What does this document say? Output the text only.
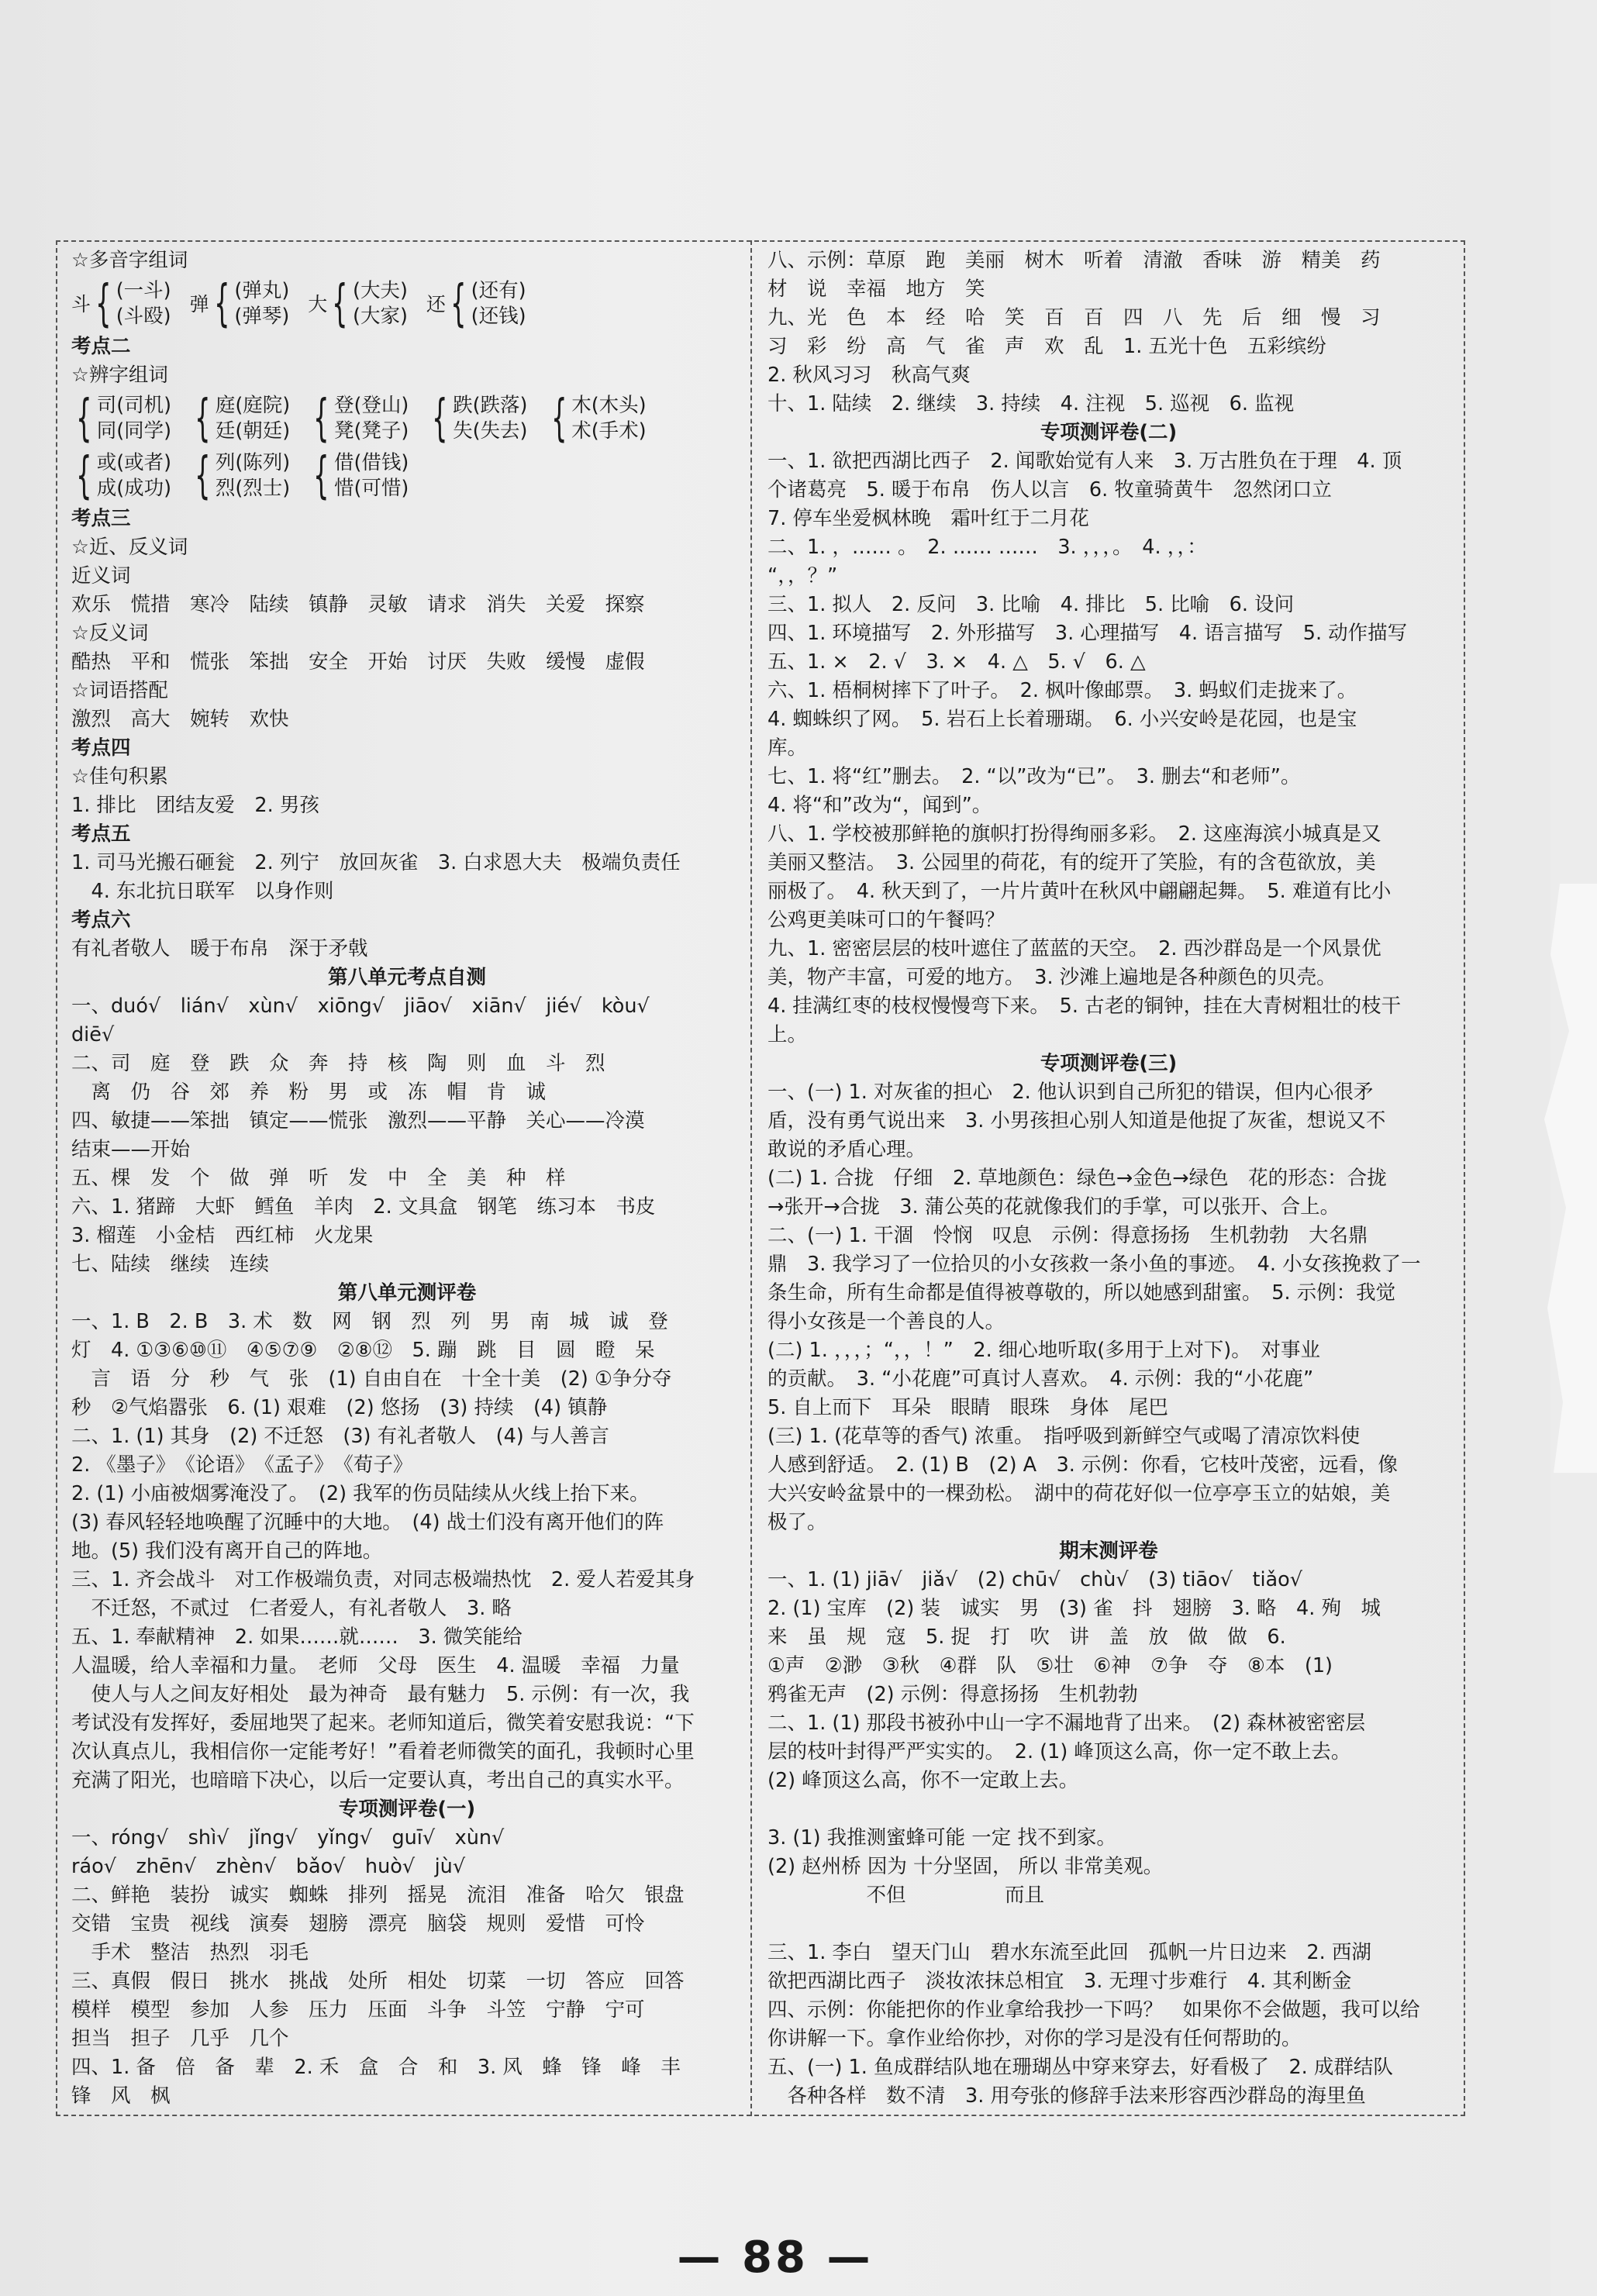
☆多音字组词
斗 { (一斗)
(斗殴)
弹 { (弹丸)
(弹琴)
大 { (大夫)
(大家)
还 { (还有)
(还钱)
考点二
☆辨字组词
{ 司(司机)
同(同学) { 庭(庭院)
廷(朝廷) { 登(登山)
凳(凳子) { 跌(跌落)
失(失去) { 木(木头)
术(手术)
{ 或(或者)
成(成功) { 列(陈列)
烈(烈士) { 借(借钱)
惜(可惜)
考点三
☆近、反义词
近义词
欢乐　慌措　寒冷　陆续　镇静　灵敏　请求　消失　关爱　探察
☆反义词
酷热　平和　慌张　笨拙　安全　开始　讨厌　失败　缓慢　虚假
☆词语搭配
激烈　高大　婉转　欢快
考点四
☆佳句积累
1. 排比　团结友爱　2. 男孩
考点五
1. 司马光搬石砸瓮　2. 列宁　放回灰雀　3. 白求恩大夫　极端负责任
　4. 东北抗日联军　以身作则
考点六
有礼者敬人　暖于布帛　深于矛戟
第八单元考点自测
一、duó√　lián√　xùn√　xiōng√　jiāo√　xiān√　jié√　kòu√
diē√
二、司　庭　登　跌　众　奔　持　核　陶　则　血　斗　烈
　离　仍　谷　郊　养　粉　男　或　冻　帽　肯　诚
四、敏捷——笨拙　镇定——慌张　激烈——平静　关心——冷漠
结束——开始
五、棵　发　个　做　弹　听　发　中　全　美　种　样
六、1. 猪蹄　大虾　鳕鱼　羊肉　2. 文具盒　钢笔　练习本　书皮
3. 榴莲　小金桔　西红柿　火龙果
七、陆续　继续　连续
第八单元测评卷
一、1. B　2. B　3. 术　数　网　钢　烈　列　男　南　城　诚　登
灯　4. ①③⑥⑩⑪　④⑤⑦⑨　②⑧⑫　5. 蹦　跳　目　圆　瞪　呆
　言　语　分　秒　气　张　(1) 自由自在　十全十美　(2) ①争分夺
秒　②气焰嚣张　6. (1) 艰难　(2) 悠扬　(3) 持续　(4) 镇静
二、1. (1) 其身　(2) 不迁怒　(3) 有礼者敬人　(4) 与人善言
2. 《墨子》　《论语》　《孟子》　《荀子》
2. (1) 小庙被烟雾淹没了。　(2) 我军的伤员陆续从火线上抬下来。
(3) 春风轻轻地唤醒了沉睡中的大地。　(4) 战士们没有离开他们的阵
地。(5) 我们没有离开自己的阵地。
三、1. 齐会战斗　对工作极端负责，对同志极端热忱　2. 爱人若爱其身
　不迁怒，不贰过　仁者爱人，有礼者敬人　3. 略
五、1. 奉献精神　2. 如果……就……　3. 微笑能给
人温暖，给人幸福和力量。　老师　父母　医生　4. 温暖　幸福　力量
　使人与人之间友好相处　最为神奇　最有魅力　5. 示例：有一次，我
考试没有发挥好，委屈地哭了起来。老师知道后，微笑着安慰我说：“下
次认真点儿，我相信你一定能考好！”看着老师微笑的面孔，我顿时心里
充满了阳光，也暗暗下决心，以后一定要认真，考出自己的真实水平。
专项测评卷(一)
一、róng√　shì√　jǐng√　yǐng√　guī√　xùn√
ráo√　zhēn√　zhèn√　bǎo√　huò√　jù√
二、鲜艳　装扮　诚实　蜘蛛　排列　摇晃　流泪　准备　哈欠　银盘
交错　宝贵　视线　演奏　翅膀　漂亮　脑袋　规则　爱惜　可怜
　手术　整洁　热烈　羽毛
三、真假　假日　挑水　挑战　处所　相处　切菜　一切　答应　回答
模样　模型　参加　人参　压力　压面　斗争　斗笠　宁静　宁可
担当　担子　几乎　几个
四、1. 备　倍　备　辈　2. 禾　盒　合　和　3. 风　蜂　锋　峰　丰
锋　风　枫
八、示例：草原　跑　美丽　树木　听着　清澈　香味　游　精美　药
材　说　幸福　地方　笑
九、光　色　本　经　哈　笑　百　百　四　八　先　后　细　慢　习
习　彩　纷　高　气　雀　声　欢　乱　1. 五光十色　五彩缤纷
2. 秋风习习　秋高气爽
十、1. 陆续　2. 继续　3. 持续　4. 注视　5. 巡视　6. 监视
专项测评卷(二)
一、1. 欲把西湖比西子　2. 闻歌始觉有人来　3. 万古胜负在于理　4. 顶
个诸葛亮　5. 暖于布帛　伤人以言　6. 牧童骑黄牛　忽然闭口立
7. 停车坐爱枫林晚　霜叶红于二月花
二、1. ，…… 。　2. …… ……　3. ，，，。　4. ，，：
“，，？”
三、1. 拟人　2. 反问　3. 比喻　4. 排比　5. 比喻　6. 设问
四、1. 环境描写　2. 外形描写　3. 心理描写　4. 语言描写　5. 动作描写
五、1. ×　2. √　3. ×　4. △　5. √　6. △
六、1. 梧桐树摔下了叶子。　2. 枫叶像邮票。　3. 蚂蚁们走拢来了。
4. 蜘蛛织了网。　5. 岩石上长着珊瑚。　6. 小兴安岭是花园，也是宝
库。
七、1. 将“红”删去。　2. “以”改为“已”。　3. 删去“和老师”。
4. 将“和”改为“，闻到”。
八、1. 学校被那鲜艳的旗帜打扮得绚丽多彩。　2. 这座海滨小城真是又
美丽又整洁。　3. 公园里的荷花，有的绽开了笑脸，有的含苞欲放，美
丽极了。　4. 秋天到了，一片片黄叶在秋风中翩翩起舞。　5. 难道有比小
公鸡更美味可口的午餐吗？
九、1. 密密层层的枝叶遮住了蓝蓝的天空。　2. 西沙群岛是一个风景优
美，物产丰富，可爱的地方。　3. 沙滩上遍地是各种颜色的贝壳。
4. 挂满红枣的枝杈慢慢弯下来。　5. 古老的铜钟，挂在大青树粗壮的枝干
上。
专项测评卷(三)
一、(一) 1. 对灰雀的担心　2. 他认识到自己所犯的错误，但内心很矛
盾，没有勇气说出来　3. 小男孩担心别人知道是他捉了灰雀，想说又不
敢说的矛盾心理。
(二) 1. 合拢　仔细　2. 草地颜色：绿色→金色→绿色　花的形态：合拢
→张开→合拢　3. 蒲公英的花就像我们的手掌，可以张开、合上。
二、(一) 1. 干涸　怜悯　叹息　示例：得意扬扬　生机勃勃　大名鼎
鼎　3. 我学习了一位拾贝的小女孩救一条小鱼的事迹。　4. 小女孩挽救了一
条生命，所有生命都是值得被尊敬的，所以她感到甜蜜。　5. 示例：我觉
得小女孩是一个善良的人。
(二) 1. ，，，；“，，！”　2. 细心地听取(多用于上对下)。　对事业
的贡献。　3. “小花鹿”可真讨人喜欢。　4. 示例：我的“小花鹿”
5. 自上而下　耳朵　眼睛　眼珠　身体　尾巴
(三) 1. (花草等的香气) 浓重。　指呼吸到新鲜空气或喝了清凉饮料使
人感到舒适。　2. (1) B　(2) A　3. 示例：你看，它枝叶茂密，远看，像
大兴安岭盆景中的一棵劲松。　湖中的荷花好似一位亭亭玉立的姑娘，美
极了。
期末测评卷
一、1. (1) jiā√　jiǎ√　(2) chū√　chù√　(3) tiāo√　tiǎo√
2. (1) 宝库　(2) 装　诚实　男　(3) 雀　抖　翅膀　3. 略　4. 殉　城
来　虽　规　寇　5. 捉　打　吹　讲　盖　放　做　做　6.
①声　②渺　③秋　④群　队　⑤壮　⑥神　⑦争　夺　⑧本　(1)
鸦雀无声　(2) 示例：得意扬扬　生机勃勃
二、1. (1) 那段书被孙中山一字不漏地背了出来。　(2) 森林被密密层
层的枝叶封得严严实实的。　2. (1) 峰顶这么高，你一定不敢上去。
(2) 峰顶这么高，你不一定敢上去。
3. (1) 我推测蜜蜂可能 一定 找不到家。
(2) 赵州桥 因为 十分坚固， 所以 非常美观。
　　　　　不但　　　　　而且
三、1. 李白　望天门山　碧水东流至此回　孤帆一片日边来　2. 西湖
欲把西湖比西子　淡妆浓抹总相宜　3. 无理寸步难行　4. 其利断金
四、示例：你能把你的作业拿给我抄一下吗？　如果你不会做题，我可以给
你讲解一下。拿作业给你抄，对你的学习是没有任何帮助的。
五、(一) 1. 鱼成群结队地在珊瑚丛中穿来穿去，好看极了　2. 成群结队
　各种各样　数不清　3. 用夸张的修辞手法来形容西沙群岛的海里鱼
— 88 —
